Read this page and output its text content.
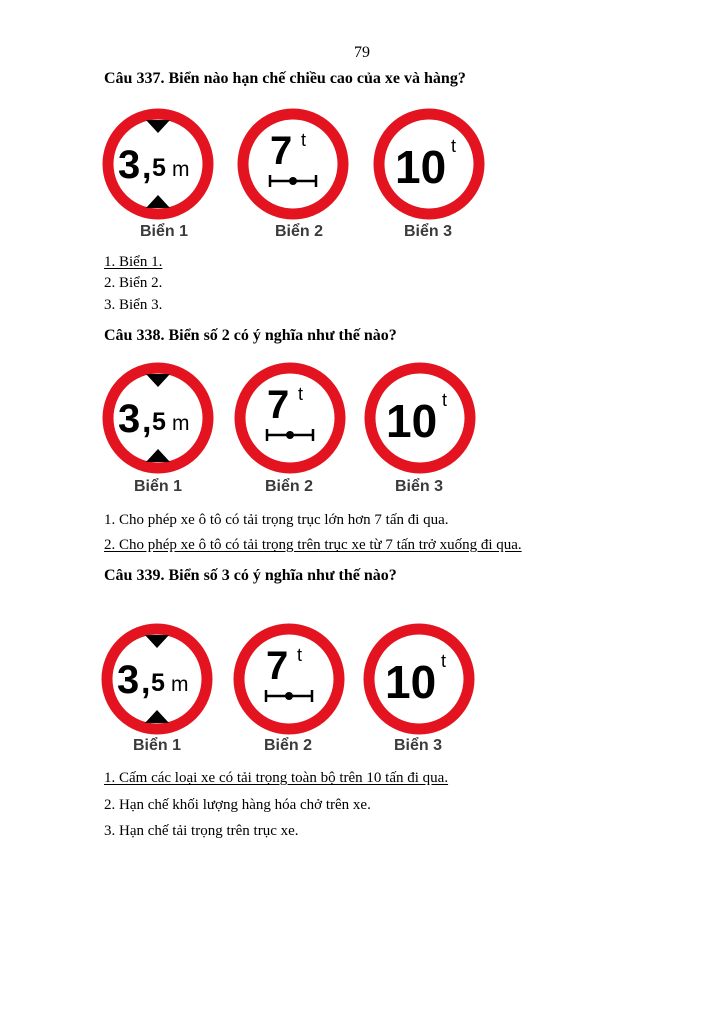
79
Câu 337. Biển nào hạn chế chiều cao của xe và hàng?
3 , 5 m 7 t
10 t
Biển 1	Biển 2	Biển 3
1. Biển 1.
2. Biển 2.
3. Biển 3.
Câu 338. Biển số 2 có ý nghĩa như thế nào?
3 , 5 m 7 t
10 t
Biển 1	Biển 2	Biển 3
1. Cho phép xe ô tô có tải trọng trục lớn hơn 7 tấn đi qua.
2. Cho phép xe ô tô có tải trọng trên trục xe từ 7 tấn trở xuống đi qua.
Câu 339. Biển số 3 có ý nghĩa như thế nào?
3 , 5 m 7 t
10 t
Biển 1	Biển 2	Biển 3
1. Cấm các loại xe có tải trọng toàn bộ trên 10 tấn đi qua.
2. Hạn chế khối lượng hàng hóa chở trên xe.
3. Hạn chế tải trọng trên trục xe.
